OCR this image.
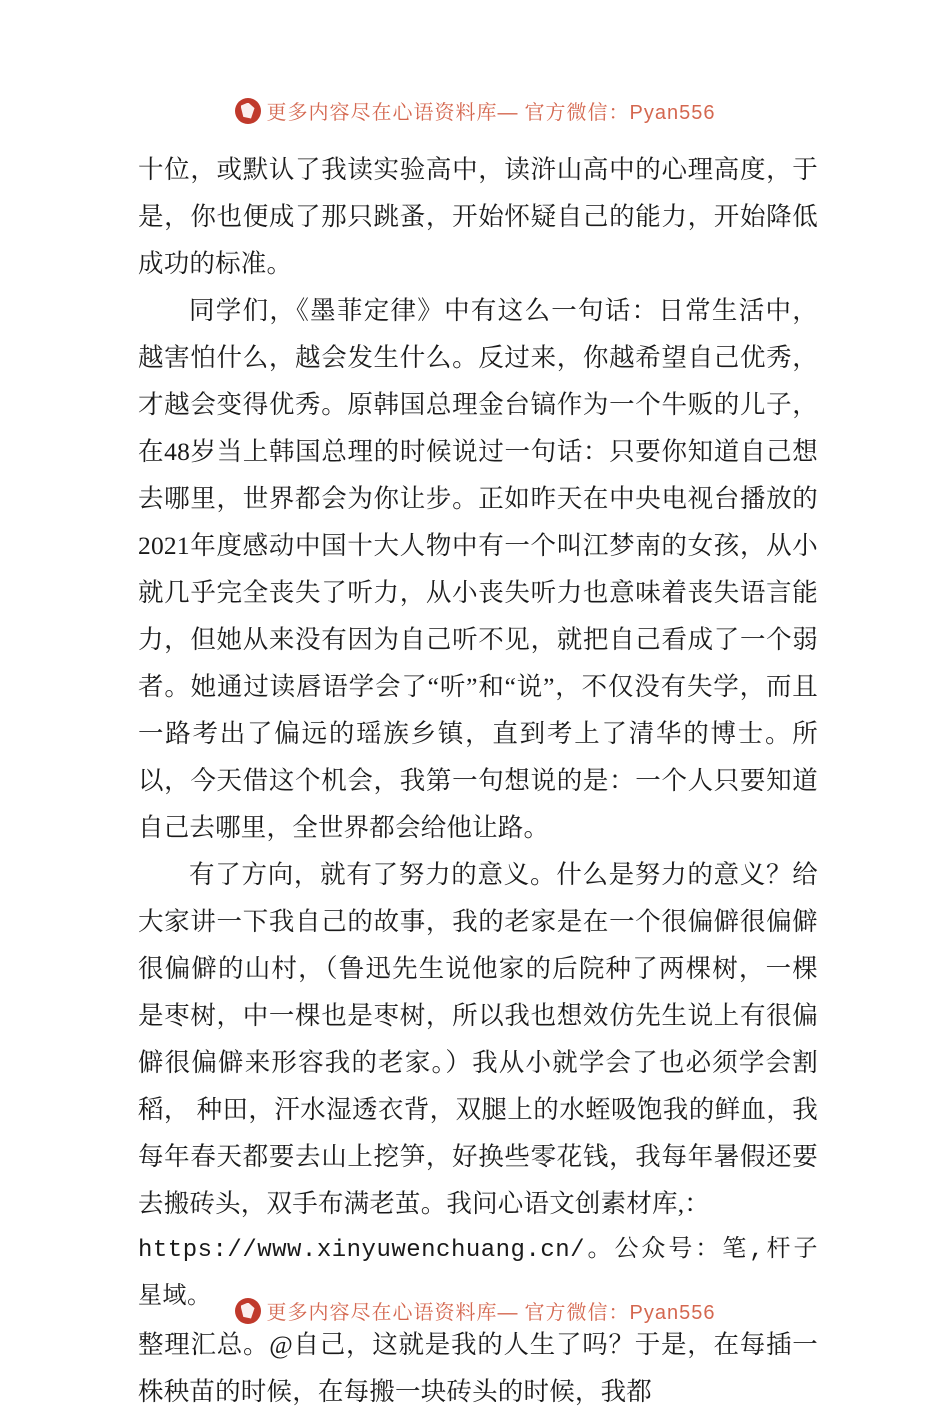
更多内容尽在心语资料库— 官方微信：Pyan556

十位，或默认了我读实验高中，读浒山高中的心理高度，于是，你也便成了那只跳蚤，开始怀疑自己的能力，开始降低成功的标准。

同学们，《墨菲定律》中有这么一句话：日常生活中，越害怕什么，越会发生什么。反过来，你越希望自己优秀，才越会变得优秀。原韩国总理金台镐作为一个牛贩的儿子，在48岁当上韩国总理的时候说过一句话：只要你知道自己想去哪里，世界都会为你让步。正如昨天在中央电视台播放的2021年度感动中国十大人物中有一个叫江梦南的女孩，从小就几乎完全丧失了听力，从小丧失听力也意味着丧失语言能力，但她从来没有因为自己听不见，就把自己看成了一个弱者。她通过读唇语学会了“听”和“说”，不仅没有失学，而且一路考出了偏远的瑶族乡镇，直到考上了清华的博士。所以，今天借这个机会，我第一句想说的是：一个人只要知道自己去哪里，全世界都会给他让路。

有了方向，就有了努力的意义。什么是努力的意义？给大家讲一下我自己的故事，我的老家是在一个很偏僻很偏僻很偏僻的山村，（鲁迅先生说他家的后院种了两棵树，一棵是枣树，中一棵也是枣树，所以我也想效仿先生说上有很偏僻很偏僻来形容我的老家。）我从小就学会了也必须学会割稻， 种田，汗水湿透衣背，双腿上的水蛭吸饱我的鲜血，我每年春天都要去山上挖笋，好换些零花钱，我每年暑假还要去搬砖头，双手布满老茧。我问心语文创素材库,：

https://www.xinyuwenchuang.cn/。公众号：笔,杆子星域。

整理汇总。@自己，这就是我的人生了吗？于是，在每插一株秧苗的时候，在每搬一块砖头的时候，我都

更多内容尽在心语资料库— 官方微信：Pyan556
